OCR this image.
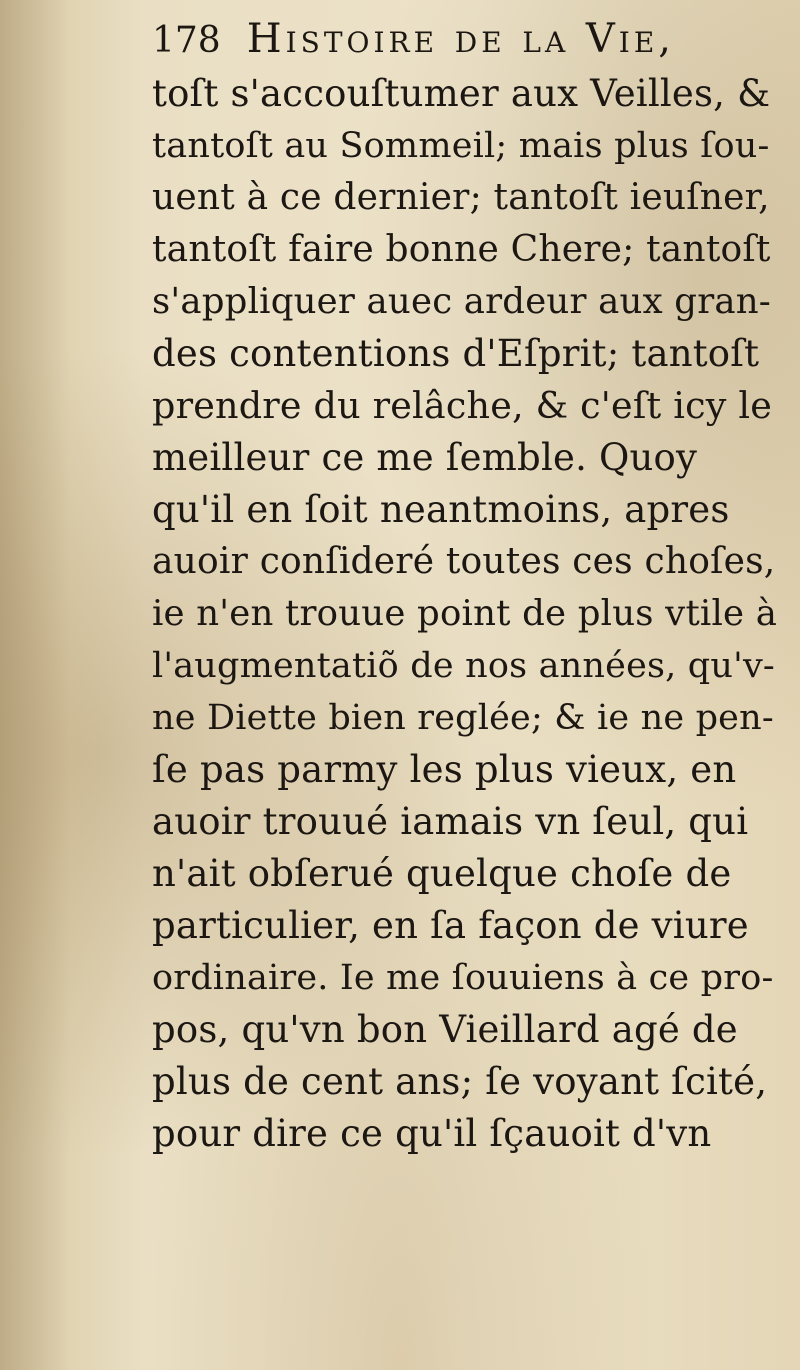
178 Histoire de la Vie,
toſt s'accouſtumer aux Veilles, &
tantoſt au Sommeil; mais plus ſou-
uent à ce dernier; tantoſt ieuſner,
tantoſt faire bonne Chere; tantoſt
s'appliquer auec ardeur aux gran-
des contentions d'Eſprit; tantoſt
prendre du relâche, & c'eſt icy le
meilleur ce me ſemble. Quoy
qu'il en ſoit neantmoins, apres
auoir conſideré toutes ces choſes,
ie n'en trouue point de plus vtile à
l'augmentatiõ de nos années, qu'v-
ne Diette bien reglée; & ie ne pen-
ſe pas parmy les plus vieux, en
auoir trouué iamais vn ſeul, qui
n'ait obſerué quelque choſe de
particulier, en ſa façon de viure
ordinaire. Ie me ſouuiens à ce pro-
pos, qu'vn bon Vieillard agé de
plus de cent ans; ſe voyant ſcité,
pour dire ce qu'il ſçauoit d'vn
